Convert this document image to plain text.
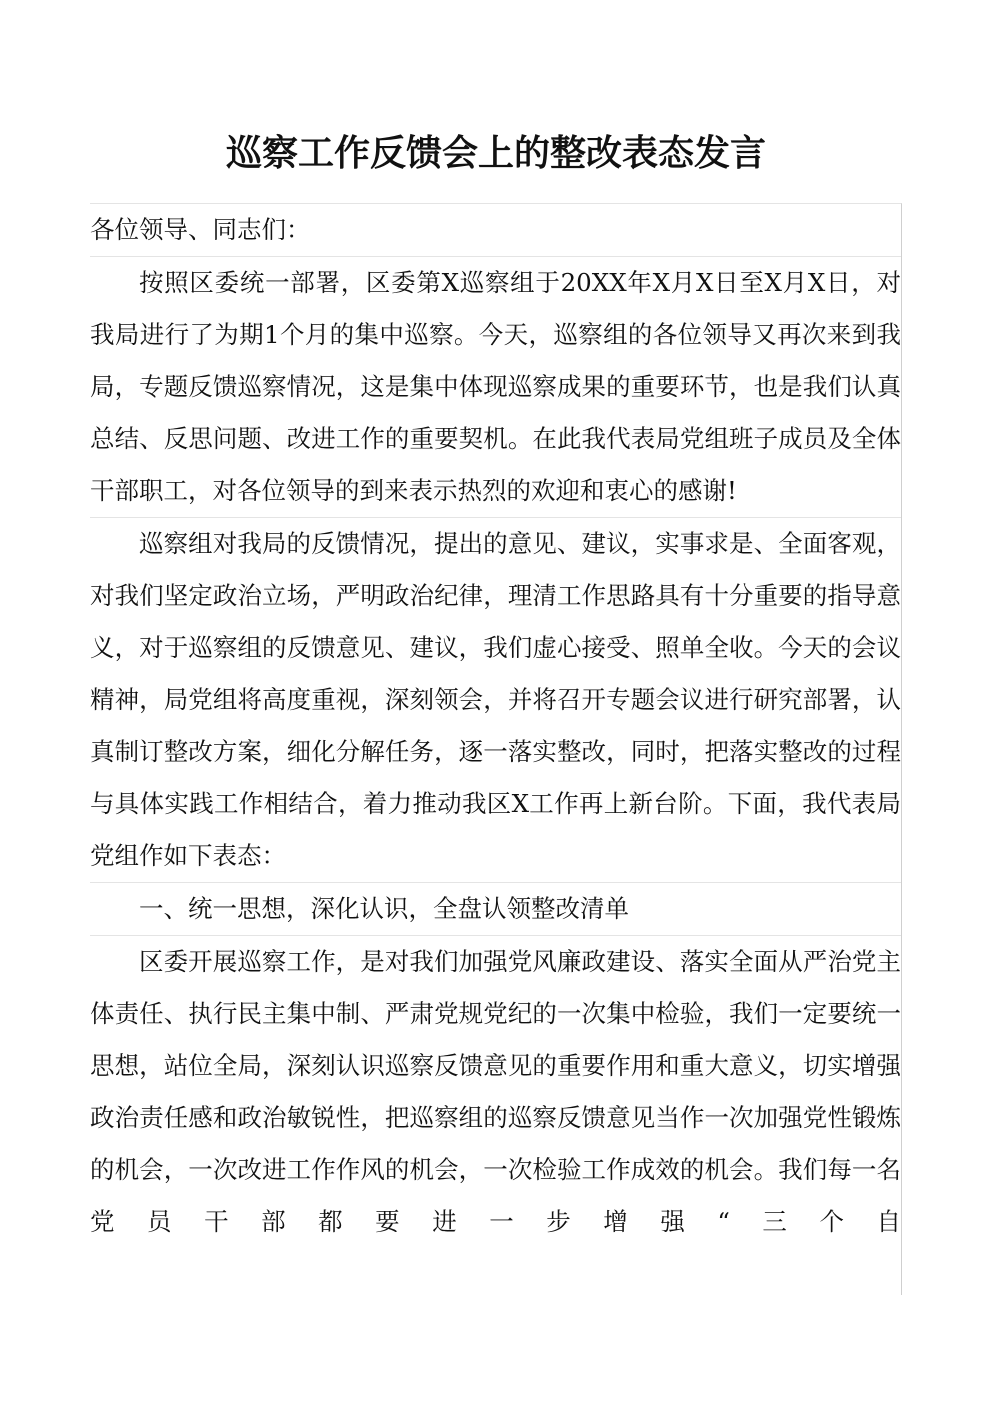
巡察工作反馈会上的整改表态发言

各位领导、同志们：

按照区委统一部署，区委第X巡察组于20XX年X月X日至X月X日，对我局进行了为期1个月的集中巡察。今天，巡察组的各位领导又再次来到我局，专题反馈巡察情况，这是集中体现巡察成果的重要环节，也是我们认真总结、反思问题、改进工作的重要契机。在此我代表局党组班子成员及全体干部职工，对各位领导的到来表示热烈的欢迎和衷心的感谢!

巡察组对我局的反馈情况，提出的意见、建议，实事求是、全面客观，对我们坚定政治立场，严明政治纪律，理清工作思路具有十分重要的指导意义，对于巡察组的反馈意见、建议，我们虚心接受、照单全收。今天的会议精神，局党组将高度重视，深刻领会，并将召开专题会议进行研究部署，认真制订整改方案，细化分解任务，逐一落实整改，同时，把落实整改的过程与具体实践工作相结合，着力推动我区X工作再上新台阶。下面，我代表局党组作如下表态：

一、统一思想，深化认识，全盘认领整改清单

区委开展巡察工作，是对我们加强党风廉政建设、落实全面从严治党主体责任、执行民主集中制、严肃党规党纪的一次集中检验，我们一定要统一思想，站位全局，深刻认识巡察反馈意见的重要作用和重大意义，切实增强政治责任感和政治敏锐性，把巡察组的巡察反馈意见当作一次加强党性锻炼的机会，一次改进工作作风的机会，一次检验工作成效的机会。我们每一名党员干部都要进一步增强“三个自
